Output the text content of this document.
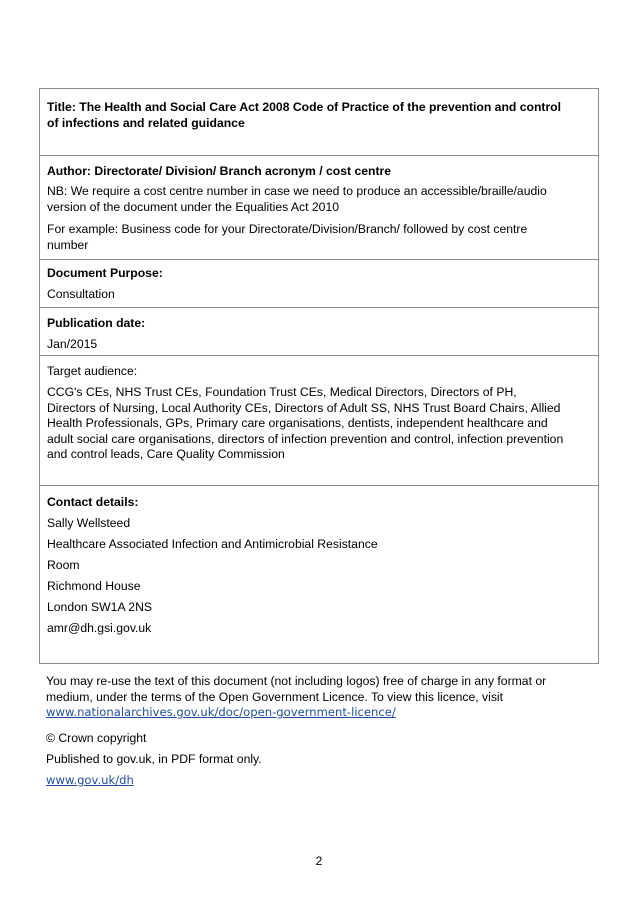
Title: The Health and Social Care Act 2008 Code of Practice of the prevention and control
of infections and related guidance

Author: Directorate/ Division/ Branch acronym / cost centre

NB: We require a cost centre number in case we need to produce an accessible/braille/audio
version of the document under the Equalities Act 2010

For example: Business code for your Directorate/Division/Branch/ followed by cost centre
number

Document Purpose:

Consultation

Publication date:

Jan/2015

Target audience:

CCG's CEs, NHS Trust CEs, Foundation Trust CEs, Medical Directors, Directors of PH,
Directors of Nursing, Local Authority CEs, Directors of Adult SS, NHS Trust Board Chairs, Allied
Health Professionals, GPs, Primary care organisations, dentists, independent healthcare and
adult social care organisations, directors of infection prevention and control, infection prevention
and control leads, Care Quality Commission

Contact details:

Sally Wellsteed

Healthcare Associated Infection and Antimicrobial Resistance

Room

Richmond House

London SW1A 2NS

amr@dh.gsi.gov.uk

You may re-use the text of this document (not including logos) free of charge in any format or
medium, under the terms of the Open Government Licence. To view this licence, visit
www.nationalarchives.gov.uk/doc/open-government-licence/

© Crown copyright

Published to gov.uk, in PDF format only.

www.gov.uk/dh

2
